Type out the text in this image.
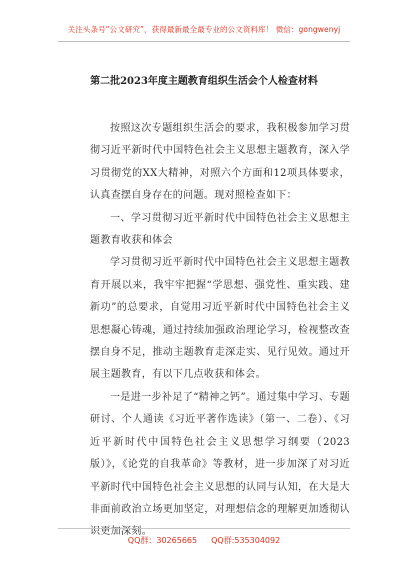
关注头条号“公文研究”，获得最新最全最专业的公文资料库！ 微信：gongwenyj
第二批2023年度主题教育组织生活会个人检查材料

按照这次专题组织生活会的要求，我积极参加学习贯彻习近平新时代中国特色社会主义思想主题教育，深入学习贯彻党的XX大精神，对照六个方面和12项具体要求，认真查摆自身存在的问题。现对照检查如下：

一、学习贯彻习近平新时代中国特色社会主义思想主题教育收获和体会

学习贯彻习近平新时代中国特色社会主义思想主题教育开展以来，我牢牢把握“学思想、强党性、重实践、建新功”的总要求，自觉用习近平新时代中国特色社会主义思想凝心铸魂，通过持续加强政治理论学习，检视整改查摆自身不足，推动主题教育走深走实、见行见效。通过开展主题教育，有以下几点收获和体会。

一是进一步补足了“精神之钙”。通过集中学习、专题研讨、个人通读《习近平著作选读》（第一、二卷）、《习近平新时代中国特色社会主义思想学习纲要（2023版）》，《论党的自我革命》等教材，进一步加深了对习近平新时代中国特色社会主义思想的认同与认知，在大是大非面前政治立场更加坚定，对理想信念的理解更加透彻认识更加深刻。

QQ群：30265665 QQ群:535304092
